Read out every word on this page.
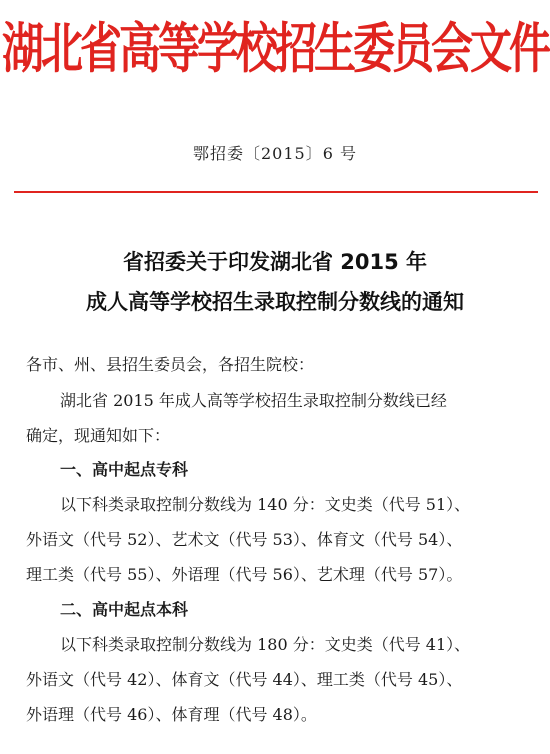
湖北省高等学校招生委员会文件
鄂招委〔2015〕6 号
省招委关于印发湖北省 2015 年
成人高等学校招生录取控制分数线的通知
各市、州、县招生委员会，各招生院校：
湖北省 2015 年成人高等学校招生录取控制分数线已经
确定，现通知如下：
一、高中起点专科
以下科类录取控制分数线为 140 分：文史类（代号 51）、
外语文（代号 52）、艺术文（代号 53）、体育文（代号 54）、
理工类（代号 55）、外语理（代号 56）、艺术理（代号 57）。
二、高中起点本科
以下科类录取控制分数线为 180 分：文史类（代号 41）、
外语文（代号 42）、体育文（代号 44）、理工类（代号 45）、
外语理（代号 46）、体育理（代号 48）。
